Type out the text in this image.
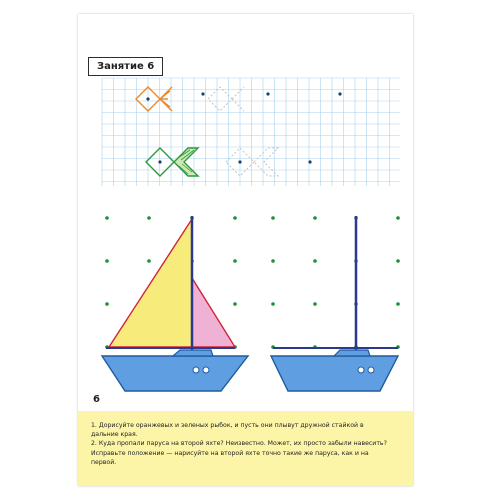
Занятие 6
6

1. Дорисуйте оранжевых и зеленых рыбок, и пусть они плывут дружной стайкой в дальние края.

2. Куда пропали паруса на второй яхте? Неизвестно. Может, их просто забыли навесить?

Исправьте положение — нарисуйте на второй яхте точно такие же паруса, как и на первой.
